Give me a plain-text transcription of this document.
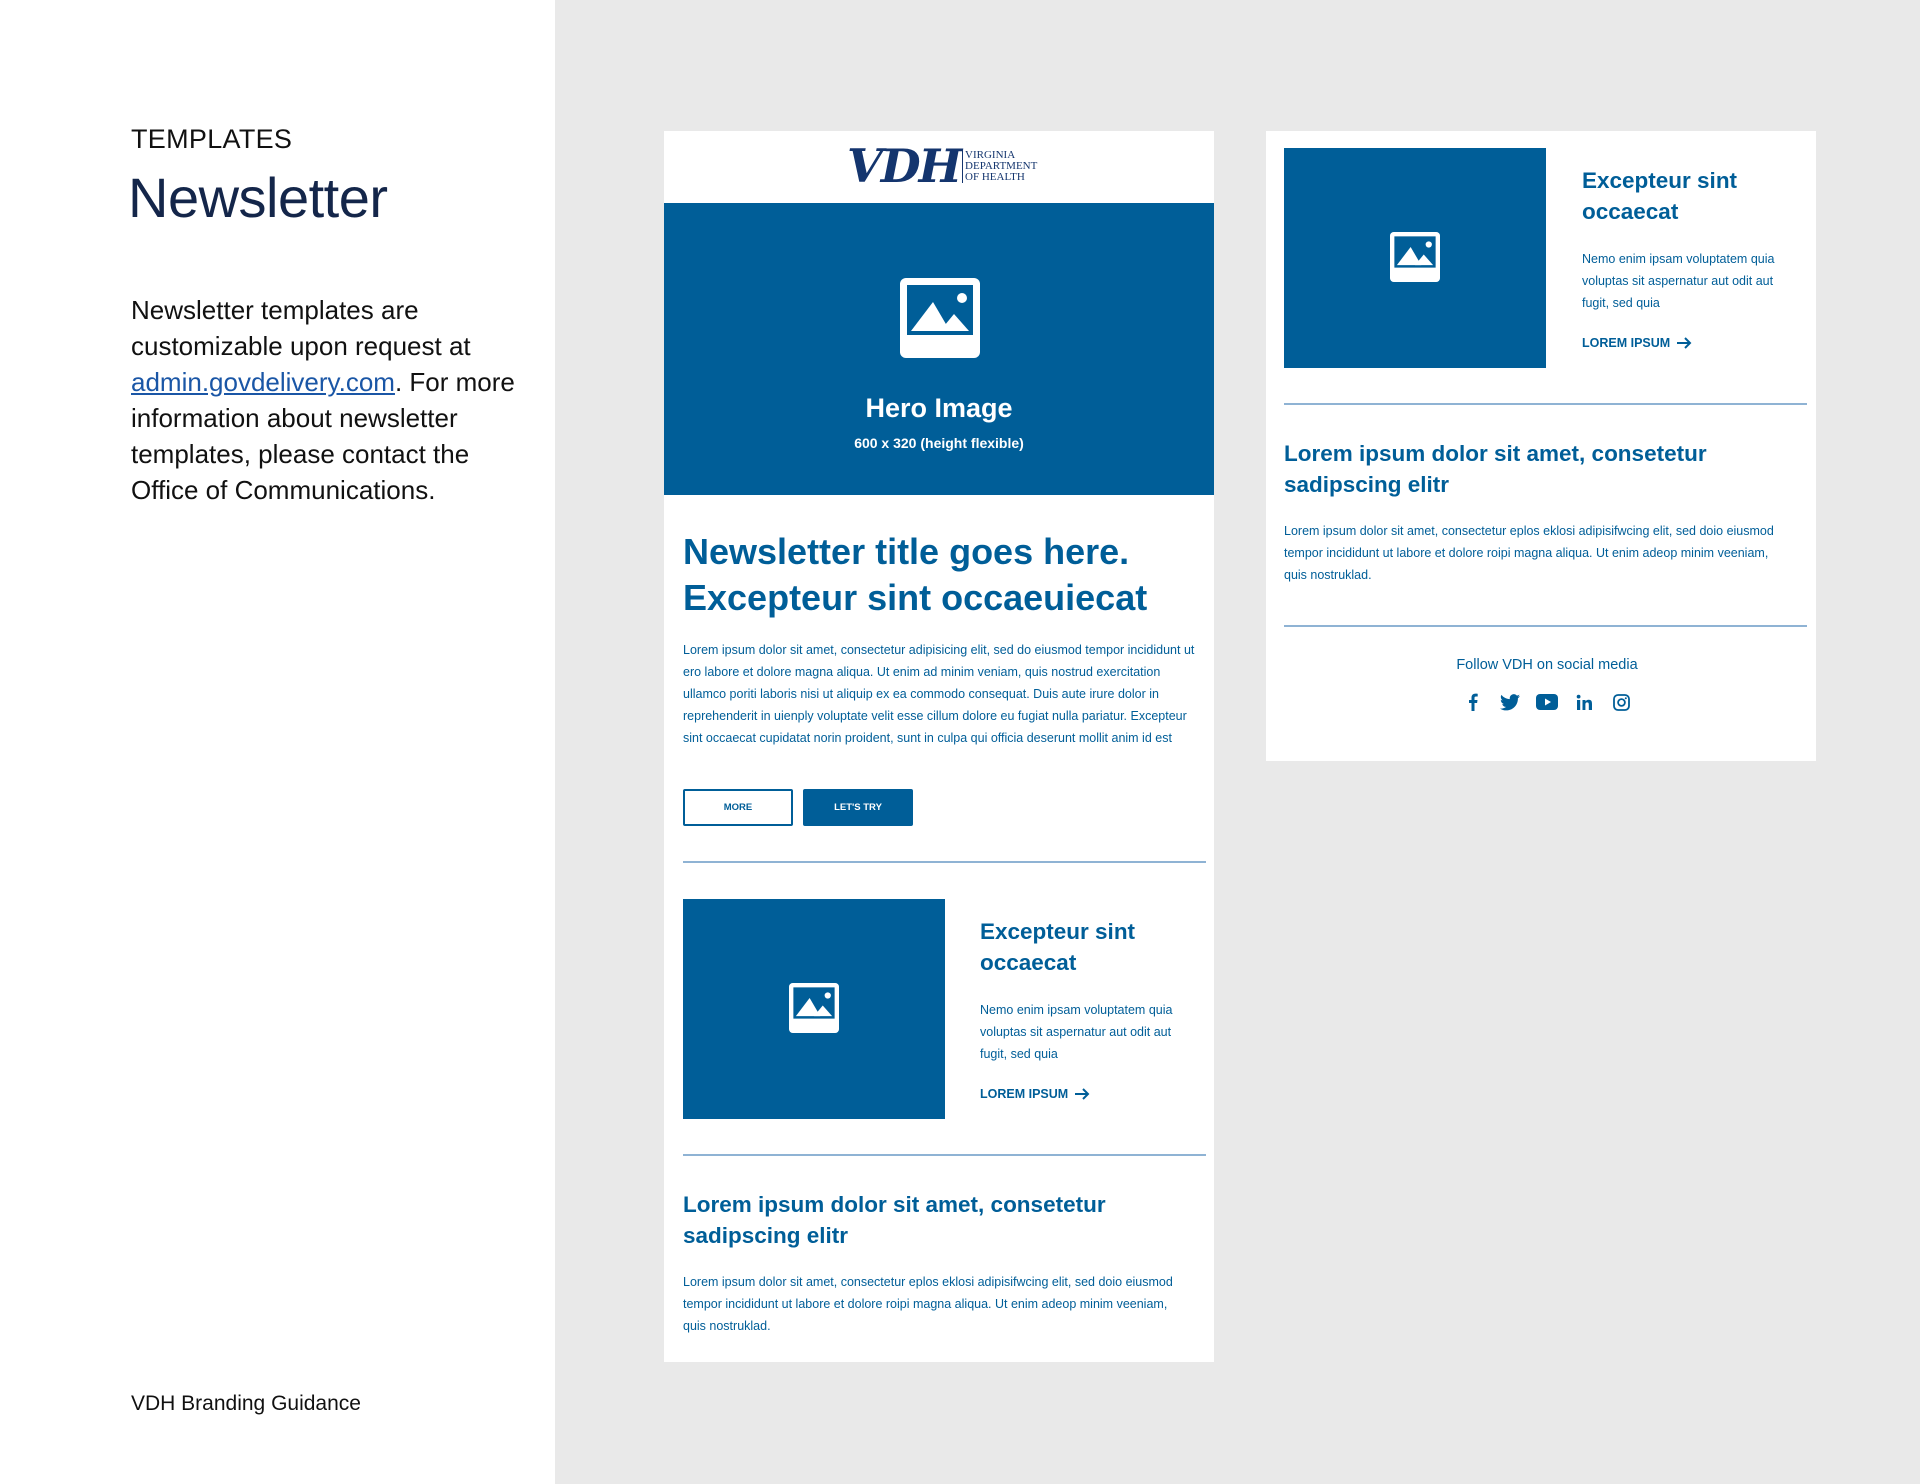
TEMPLATES
Newsletter
Newsletter templates are customizable upon request at admin.govdelivery.com. For more information about newsletter templates, please contact the Office of Communications.
VDH Branding Guidance
VDH VIRGINIA
DEPARTMENT
OF HEALTH
Hero Image
600 x 320 (height flexible)
Newsletter title goes here.
Excepteur sint occaeuiecat
Lorem ipsum dolor sit amet, consectetur adipisicing elit, sed do eiusmod tempor incididunt ut ero labore et dolore magna aliqua. Ut enim ad minim veniam, quis nostrud exercitation ullamco poriti laboris nisi ut aliquip ex ea commodo consequat. Duis aute irure dolor in reprehenderit in uienply voluptate velit esse cillum dolore eu fugiat nulla pariatur. Excepteur sint occaecat cupidatat norin proident, sunt in culpa qui officia deserunt mollit anim id est
MORE	LET'S TRY
Excepteur sint occaecat
Nemo enim ipsam voluptatem quia voluptas sit aspernatur aut odit aut fugit, sed quia
LOREM IPSUM
Lorem ipsum dolor sit amet, consetetur sadipscing elitr
Lorem ipsum dolor sit amet, consectetur eplos eklosi adipisifwcing elit, sed doio eiusmod tempor incididunt ut labore et dolore roipi magna aliqua. Ut enim adeop minim veeniam, quis nostruklad.
Excepteur sint occaecat
Nemo enim ipsam voluptatem quia voluptas sit aspernatur aut odit aut fugit, sed quia
LOREM IPSUM
Lorem ipsum dolor sit amet, consetetur sadipscing elitr
Lorem ipsum dolor sit amet, consectetur eplos eklosi adipisifwcing elit, sed doio eiusmod tempor incididunt ut labore et dolore roipi magna aliqua. Ut enim adeop minim veeniam, quis nostruklad.
Follow VDH on social media
